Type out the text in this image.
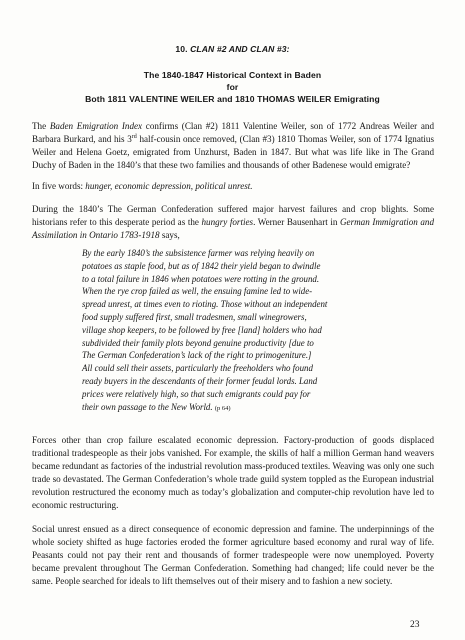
10. CLAN #2 AND CLAN #3:
The 1840-1847 Historical Context in Baden
for
Both 1811 VALENTINE WEILER and 1810 THOMAS WEILER Emigrating

The Baden Emigration Index confirms (Clan #2) 1811 Valentine Weiler, son of 1772 Andreas Weiler and Barbara Burkard, and his 3rd half-cousin once removed, (Clan #3) 1810 Thomas Weiler, son of 1774 Ignatius Weiler and Helena Goetz, emigrated from Unzhurst, Baden in 1847. But what was life like in The Grand Duchy of Baden in the 1840’s that these two families and thousands of other Badenese would emigrate?

In five words: hunger, economic depression, political unrest.

During the 1840’s The German Confederation suffered major harvest failures and crop blights. Some historians refer to this desperate period as the hungry forties. Werner Bausenhart in German Immigration and Assimilation in Ontario 1783-1918 says,

By the early 1840’s the subsistence farmer was relying heavily on
potatoes as staple food, but as of 1842 their yield began to dwindle
to a total failure in 1846 when potatoes were rotting in the ground.
When the rye crop failed as well, the ensuing famine led to wide-
spread unrest, at times even to rioting. Those without an independent
food supply suffered first, small tradesmen, small winegrowers,
village shop keepers, to be followed by free [land] holders who had
subdivided their family plots beyond genuine productivity [due to
The German Confederation’s lack of the right to primogeniture.]
All could sell their assets, particularly the freeholders who found
ready buyers in the descendants of their former feudal lords. Land
prices were relatively high, so that such emigrants could pay for
their own passage to the New World. (p 64)

Forces other than crop failure escalated economic depression. Factory-production of goods displaced traditional tradespeople as their jobs vanished. For example, the skills of half a million German hand weavers became redundant as factories of the industrial revolution mass-produced textiles. Weaving was only one such trade so devastated. The German Confederation’s whole trade guild system toppled as the European industrial revolution restructured the economy much as today’s globalization and computer-chip revolution have led to economic restructuring.

Social unrest ensued as a direct consequence of economic depression and famine. The underpinnings of the whole society shifted as huge factories eroded the former agriculture based economy and rural way of life. Peasants could not pay their rent and thousands of former tradespeople were now unemployed. Poverty became prevalent throughout The German Confederation. Something had changed; life could never be the same. People searched for ideals to lift themselves out of their misery and to fashion a new society.

23
